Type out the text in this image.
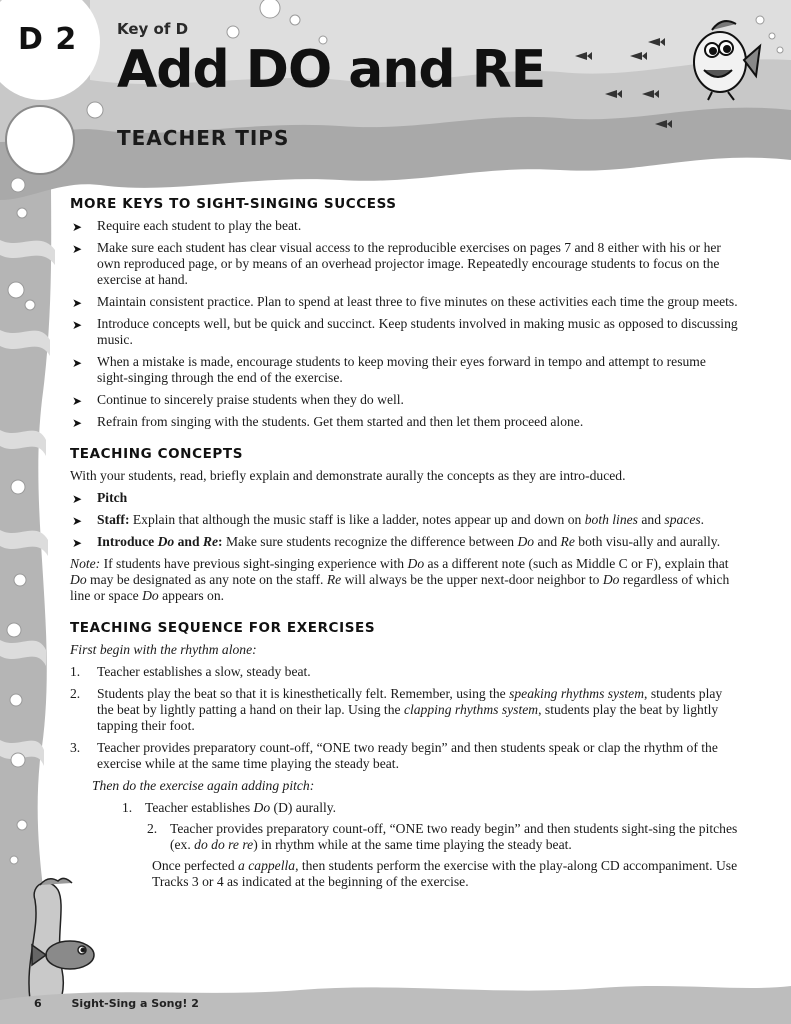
D 2	Key of D
Add DO and RE
TEACHER TIPS
MORE KEYS TO SIGHT-SINGING SUCCESS
➤ Require each student to play the beat.
➤ Make sure each student has clear visual access to the reproducible exercises on pages 7 and 8 either with his or her own reproduced page, or by means of an overhead projector image. Repeatedly encourage students to focus on the exercise at hand.
➤ Maintain consistent practice. Plan to spend at least three to five minutes on these activities each time the group meets.
➤ Introduce concepts well, but be quick and succinct. Keep students involved in making music as opposed to discussing music.
➤ When a mistake is made, encourage students to keep moving their eyes forward in tempo and attempt to resume sight-singing through the end of the exercise.
➤ Continue to sincerely praise students when they do well.
➤ Refrain from singing with the students. Get them started and then let them proceed alone.
TEACHING CONCEPTS
With your students, read, briefly explain and demonstrate aurally the concepts as they are intro-duced.
➤ Pitch
➤ Staff: Explain that although the music staff is like a ladder, notes appear up and down on both lines and spaces.
➤ Introduce Do and Re: Make sure students recognize the difference between Do and Re both visu-ally and aurally.
Note: If students have previous sight-singing experience with Do as a different note (such as Middle C or F), explain that Do may be designated as any note on the staff. Re will always be the upper next-door neighbor to Do regardless of which line or space Do appears on.
TEACHING SEQUENCE FOR EXERCISES
First begin with the rhythm alone:
1. Teacher establishes a slow, steady beat.
2. Students play the beat so that it is kinesthetically felt. Remember, using the speaking rhythms system, students play the beat by lightly patting a hand on their lap. Using the clapping rhythms system, students play the beat by lightly tapping their foot.
3. Teacher provides preparatory count-off, “ONE two ready begin” and then students speak or clap the rhythm of the exercise while at the same time playing the steady beat.
Then do the exercise again adding pitch:
1. Teacher establishes Do (D) aurally.
2. Teacher provides preparatory count-off, “ONE two ready begin” and then students sight-sing the pitches (ex. do do re re) in rhythm while at the same time playing the steady beat.
Once perfected a cappella, then students perform the exercise with the play-along CD accompaniment. Use Tracks 3 or 4 as indicated at the beginning of the exercise.
6	Sight-Sing a Song! 2
